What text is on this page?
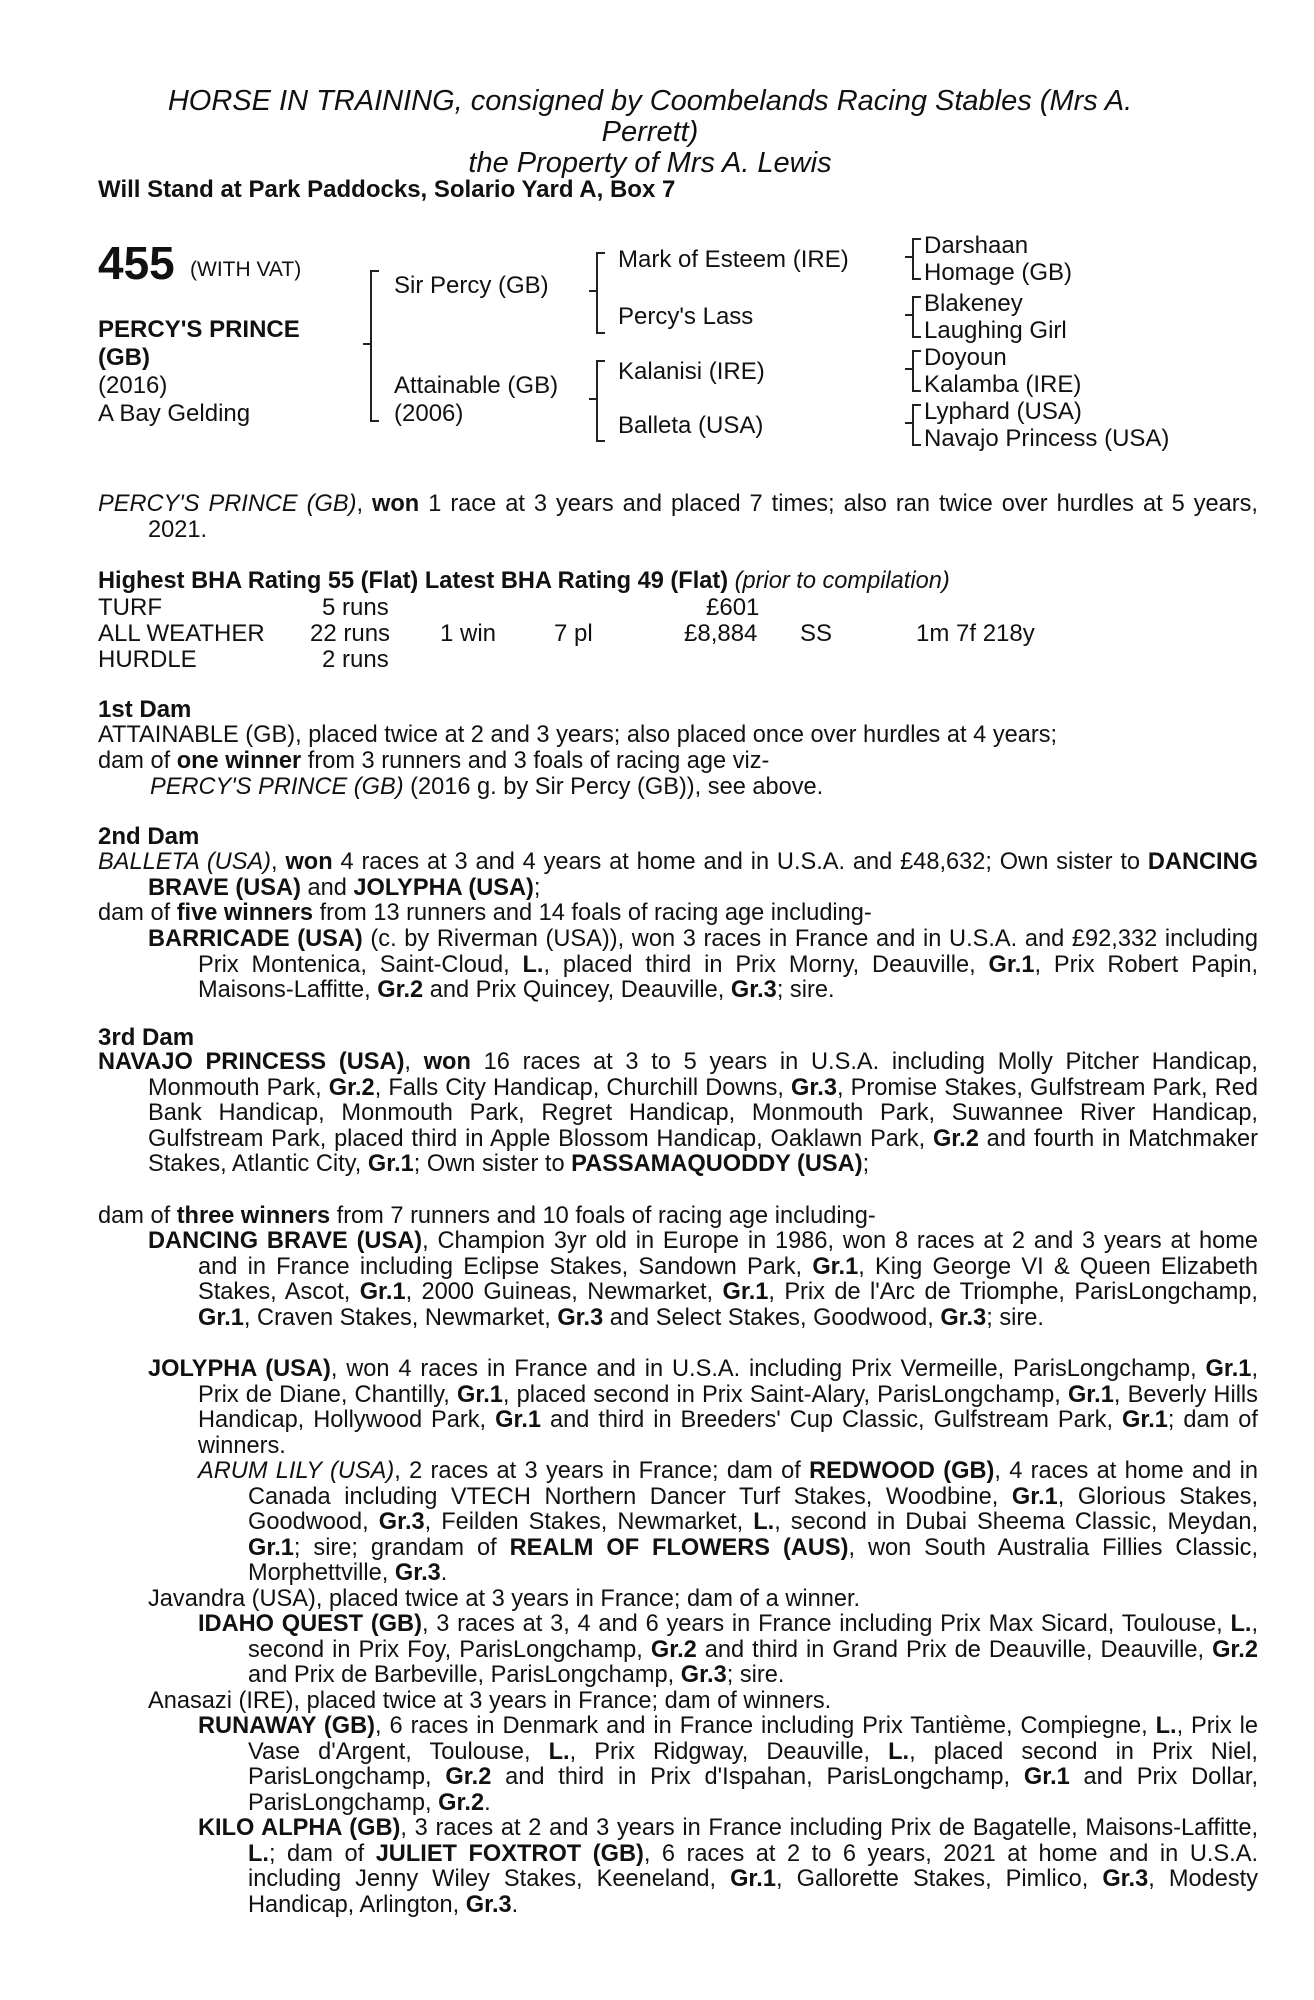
HORSE IN TRAINING, consigned by Coombelands Racing Stables (Mrs A.
Perrett)
the Property of Mrs A. Lewis
Will Stand at Park Paddocks, Solario Yard A, Box 7
455 (WITH VAT)
PERCY'S PRINCE
(GB)
(2016)
A Bay Gelding
Sir Percy (GB)
Attainable (GB)
(2006)
Mark of Esteem (IRE)
Percy's Lass
Kalanisi (IRE)
Balleta (USA)
Darshaan
Homage (GB)
Blakeney
Laughing Girl
Doyoun
Kalamba (IRE)
Lyphard (USA)
Navajo Princess (USA)
PERCY'S PRINCE (GB), won 1 race at 3 years and placed 7 times; also ran twice over hurdles at 5 years, 2021.
Highest BHA Rating 55 (Flat) Latest BHA Rating 49 (Flat) (prior to compilation)
TURF	5 runs	£601
ALL WEATHER 22 runs 1 win 7 pl	£8,884 SS	1m 7f 218y
HURDLE	2 runs
1st Dam
ATTAINABLE (GB), placed twice at 2 and 3 years; also placed once over hurdles at 4 years;
dam of one winner from 3 runners and 3 foals of racing age viz-
PERCY'S PRINCE (GB) (2016 g. by Sir Percy (GB)), see above.
2nd Dam
BALLETA (USA), won 4 races at 3 and 4 years at home and in U.S.A. and £48,632; Own sister to DANCING BRAVE (USA) and JOLYPHA (USA);
dam of five winners from 13 runners and 14 foals of racing age including-
BARRICADE (USA) (c. by Riverman (USA)), won 3 races in France and in U.S.A. and £92,332 including Prix Montenica, Saint-Cloud, L., placed third in Prix Morny, Deauville, Gr.1, Prix Robert Papin, Maisons-Laffitte, Gr.2 and Prix Quincey, Deauville, Gr.3; sire.
3rd Dam
NAVAJO PRINCESS (USA), won 16 races at 3 to 5 years in U.S.A. including Molly Pitcher Handicap, Monmouth Park, Gr.2, Falls City Handicap, Churchill Downs, Gr.3, Promise Stakes, Gulfstream Park, Red Bank Handicap, Monmouth Park, Regret Handicap, Monmouth Park, Suwannee River Handicap, Gulfstream Park, placed third in Apple Blossom Handicap, Oaklawn Park, Gr.2 and fourth in Matchmaker Stakes, Atlantic City, Gr.1; Own sister to PASSAMAQUODDY (USA);
dam of three winners from 7 runners and 10 foals of racing age including-
DANCING BRAVE (USA), Champion 3yr old in Europe in 1986, won 8 races at 2 and 3 years at home and in France including Eclipse Stakes, Sandown Park, Gr.1, King George VI & Queen Elizabeth Stakes, Ascot, Gr.1, 2000 Guineas, Newmarket, Gr.1, Prix de l'Arc de Triomphe, ParisLongchamp, Gr.1, Craven Stakes, Newmarket, Gr.3 and Select Stakes, Goodwood, Gr.3; sire.
JOLYPHA (USA), won 4 races in France and in U.S.A. including Prix Vermeille, ParisLongchamp, Gr.1, Prix de Diane, Chantilly, Gr.1, placed second in Prix Saint-Alary, ParisLongchamp, Gr.1, Beverly Hills Handicap, Hollywood Park, Gr.1 and third in Breeders' Cup Classic, Gulfstream Park, Gr.1; dam of winners.
ARUM LILY (USA), 2 races at 3 years in France; dam of REDWOOD (GB), 4 races at home and in Canada including VTECH Northern Dancer Turf Stakes, Woodbine, Gr.1, Glorious Stakes, Goodwood, Gr.3, Feilden Stakes, Newmarket, L., second in Dubai Sheema Classic, Meydan, Gr.1; sire; grandam of REALM OF FLOWERS (AUS), won South Australia Fillies Classic, Morphettville, Gr.3.
Javandra (USA), placed twice at 3 years in France; dam of a winner.
IDAHO QUEST (GB), 3 races at 3, 4 and 6 years in France including Prix Max Sicard, Toulouse, L., second in Prix Foy, ParisLongchamp, Gr.2 and third in Grand Prix de Deauville, Deauville, Gr.2 and Prix de Barbeville, ParisLongchamp, Gr.3; sire.
Anasazi (IRE), placed twice at 3 years in France; dam of winners.
RUNAWAY (GB), 6 races in Denmark and in France including Prix Tantième, Compiegne, L., Prix le Vase d'Argent, Toulouse, L., Prix Ridgway, Deauville, L., placed second in Prix Niel, ParisLongchamp, Gr.2 and third in Prix d'Ispahan, ParisLongchamp, Gr.1 and Prix Dollar, ParisLongchamp, Gr.2.
KILO ALPHA (GB), 3 races at 2 and 3 years in France including Prix de Bagatelle, Maisons-Laffitte, L.; dam of JULIET FOXTROT (GB), 6 races at 2 to 6 years, 2021 at home and in U.S.A. including Jenny Wiley Stakes, Keeneland, Gr.1, Gallorette Stakes, Pimlico, Gr.3, Modesty Handicap, Arlington, Gr.3.
